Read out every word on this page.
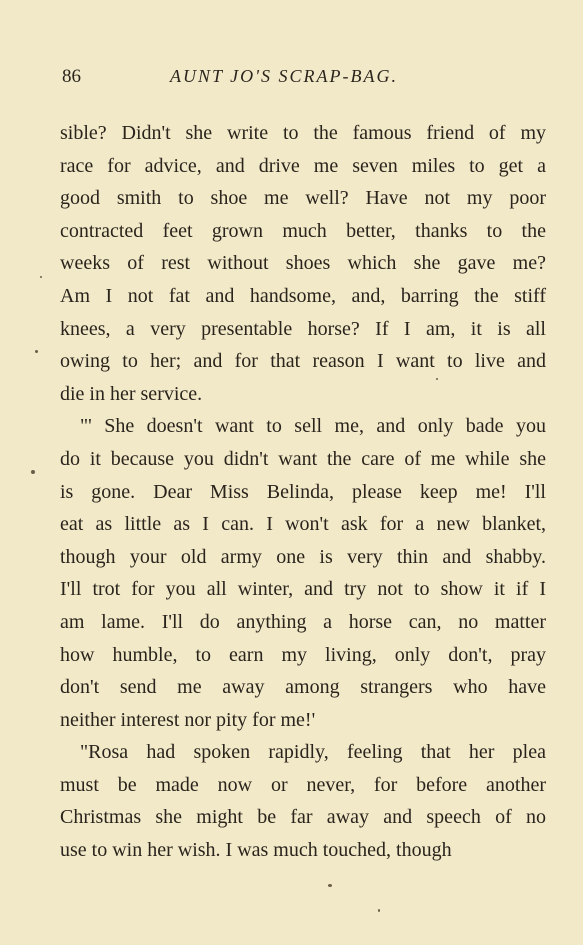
86	AUNT JO'S SCRAP-BAG.
sible? Didn't she write to the famous friend of my
race for advice, and drive me seven miles to get a
good smith to shoe me well? Have not my poor
contracted feet grown much better, thanks to the
weeks of rest without shoes which she gave me?
Am I not fat and handsome, and, barring the stiff
knees, a very presentable horse? If I am, it is all
owing to her; and for that reason I want to live and
die in her service.
"' She doesn't want to sell me, and only bade you
do it because you didn't want the care of me while she
is gone. Dear Miss Belinda, please keep me! I'll
eat as little as I can. I won't ask for a new blanket,
though your old army one is very thin and shabby.
I'll trot for you all winter, and try not to show it if I
am lame. I'll do anything a horse can, no matter
how humble, to earn my living, only don't, pray
don't send me away among strangers who have
neither interest nor pity for me!'
"Rosa had spoken rapidly, feeling that her plea
must be made now or never, for before another
Christmas she might be far away and speech of no
use to win her wish. I was much touched, though
